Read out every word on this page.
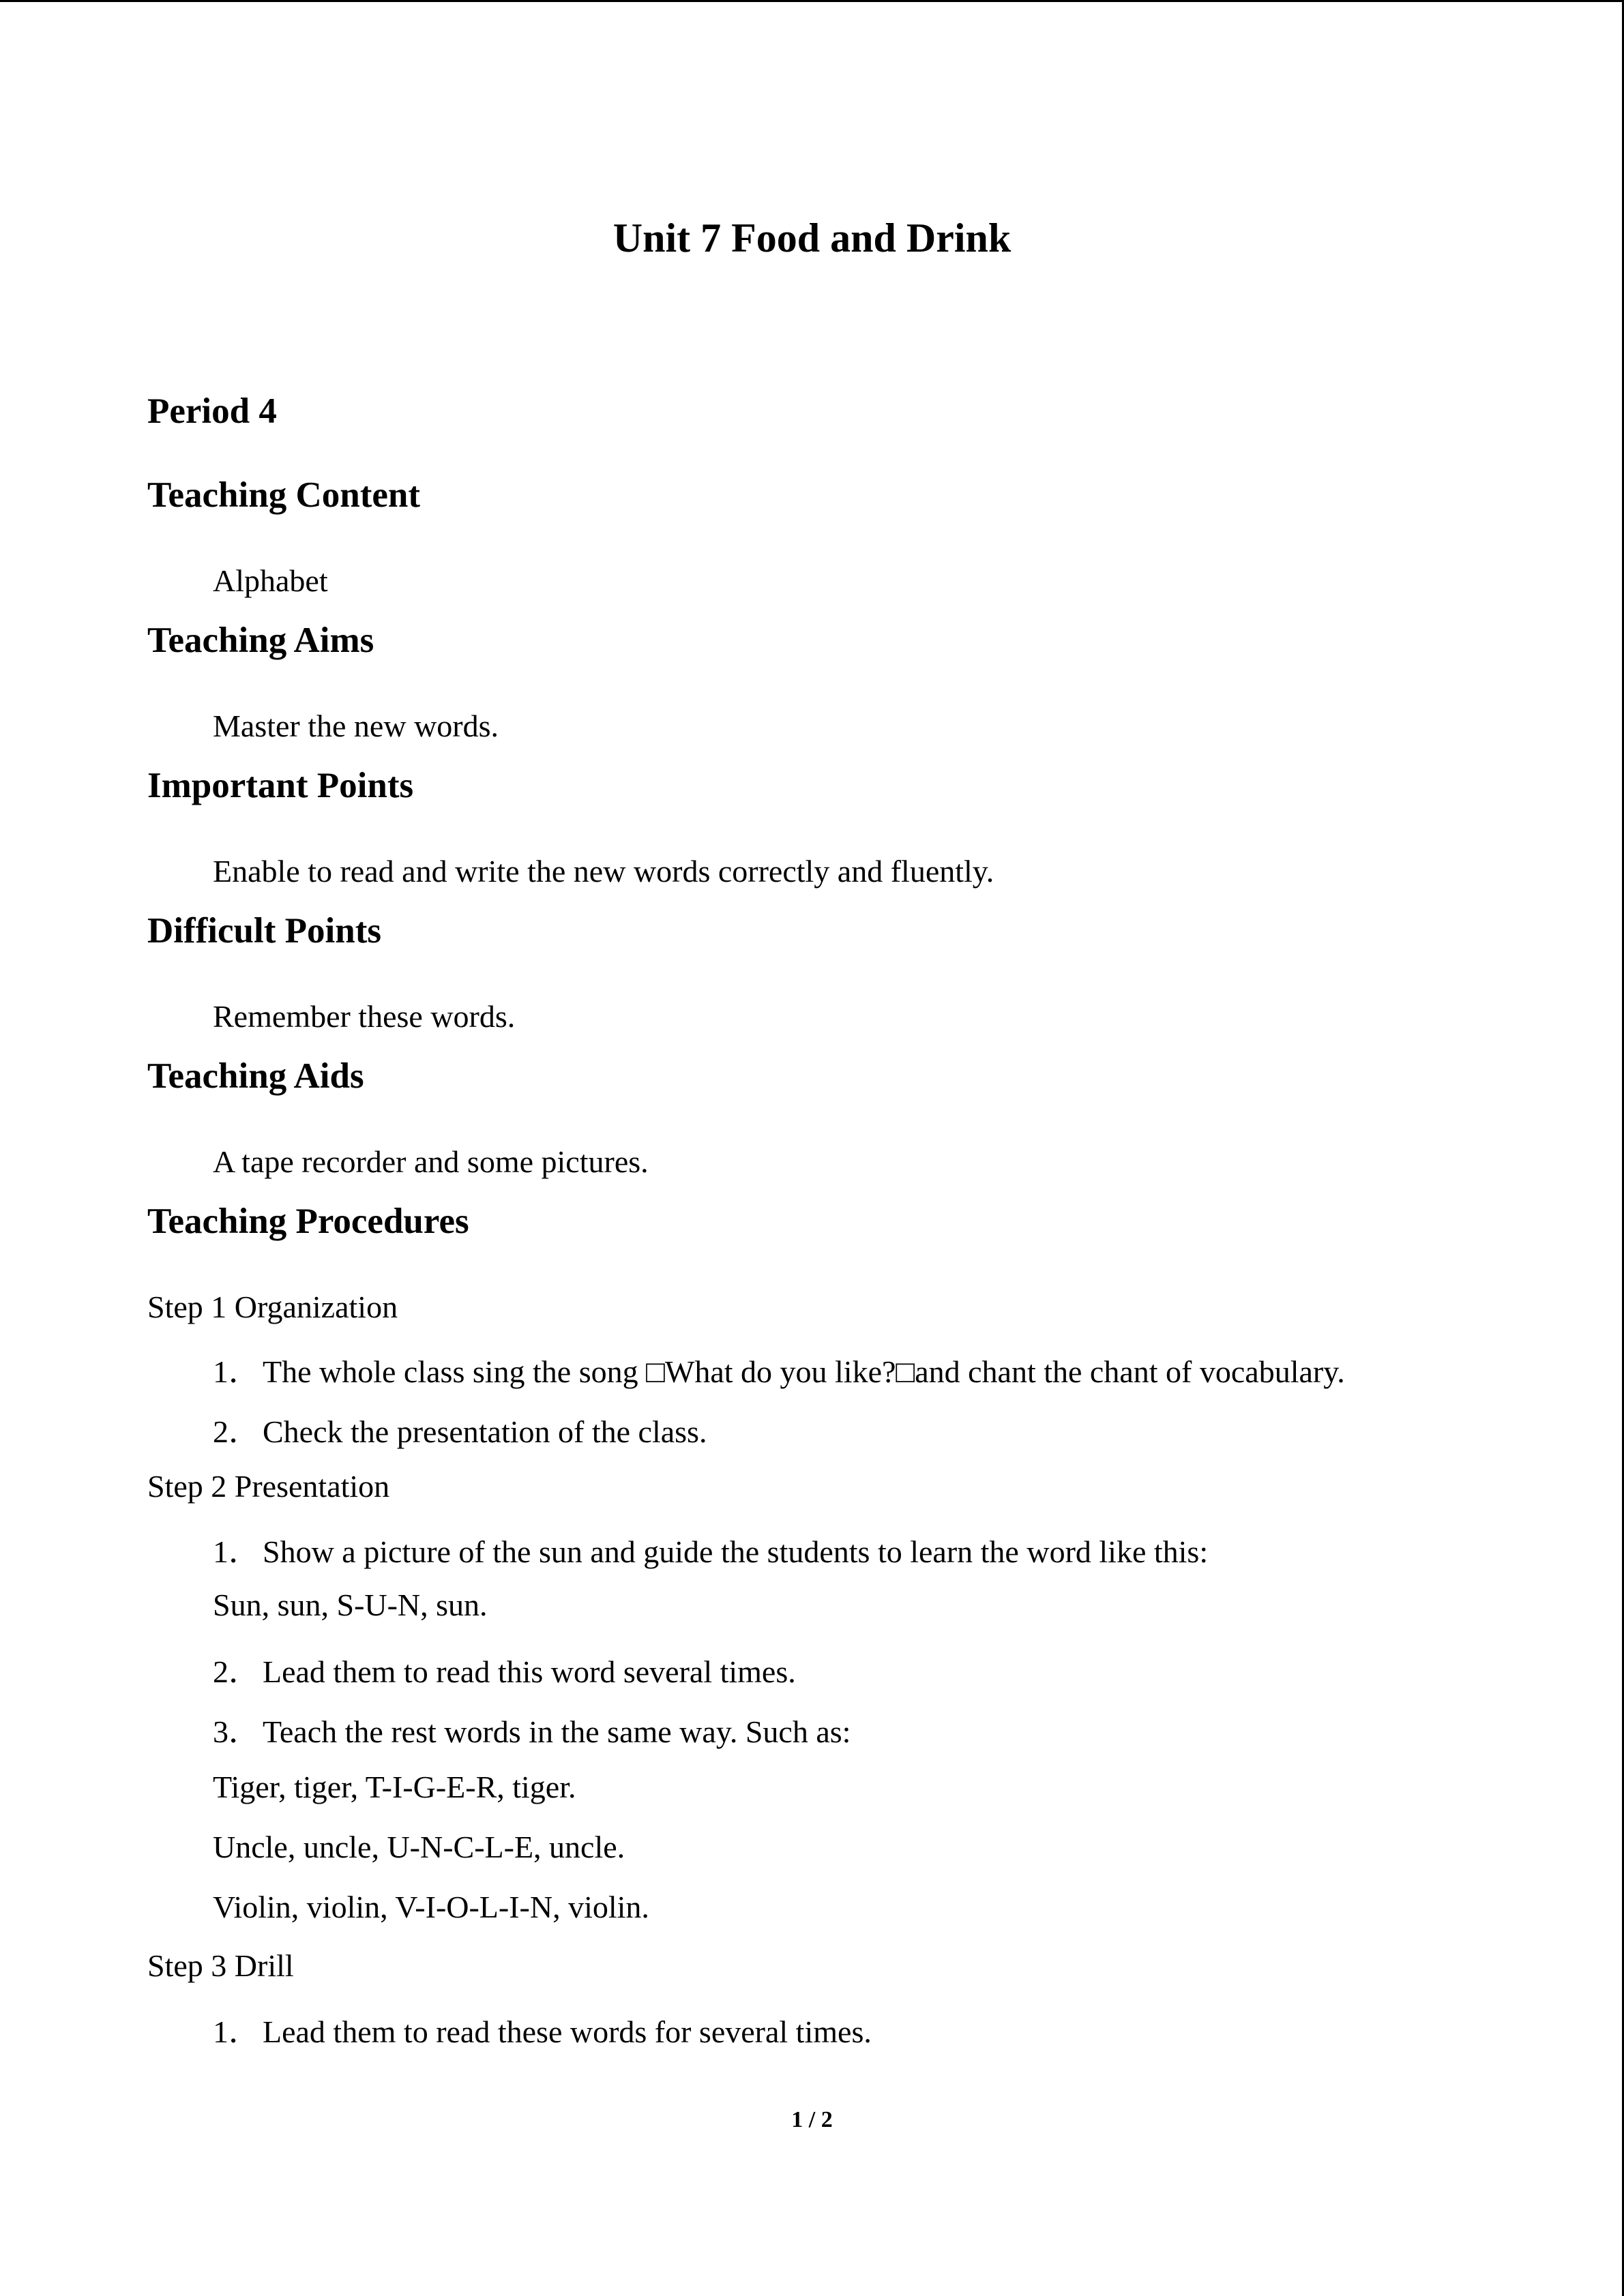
Unit 7 Food and Drink
Period 4
Teaching Content
Alphabet
Teaching Aims
Master the new words.
Important Points
Enable to read and write the new words correctly and fluently.
Difficult Points
Remember these words.
Teaching Aids
A tape recorder and some pictures.
Teaching Procedures
Step 1 Organization
1．The whole class sing the song □What do you like?□and chant the chant of vocabulary.
2．Check the presentation of the class.
Step 2 Presentation
1．Show a picture of the sun and guide the students to learn the word like this:
Sun, sun, S-U-N, sun.
2．Lead them to read this word several times.
3．Teach the rest words in the same way. Such as:
Tiger, tiger, T-I-G-E-R, tiger.
Uncle, uncle, U-N-C-L-E, uncle.
Violin, violin, V-I-O-L-I-N, violin.
Step 3 Drill
1．Lead them to read these words for several times.
1 / 2
